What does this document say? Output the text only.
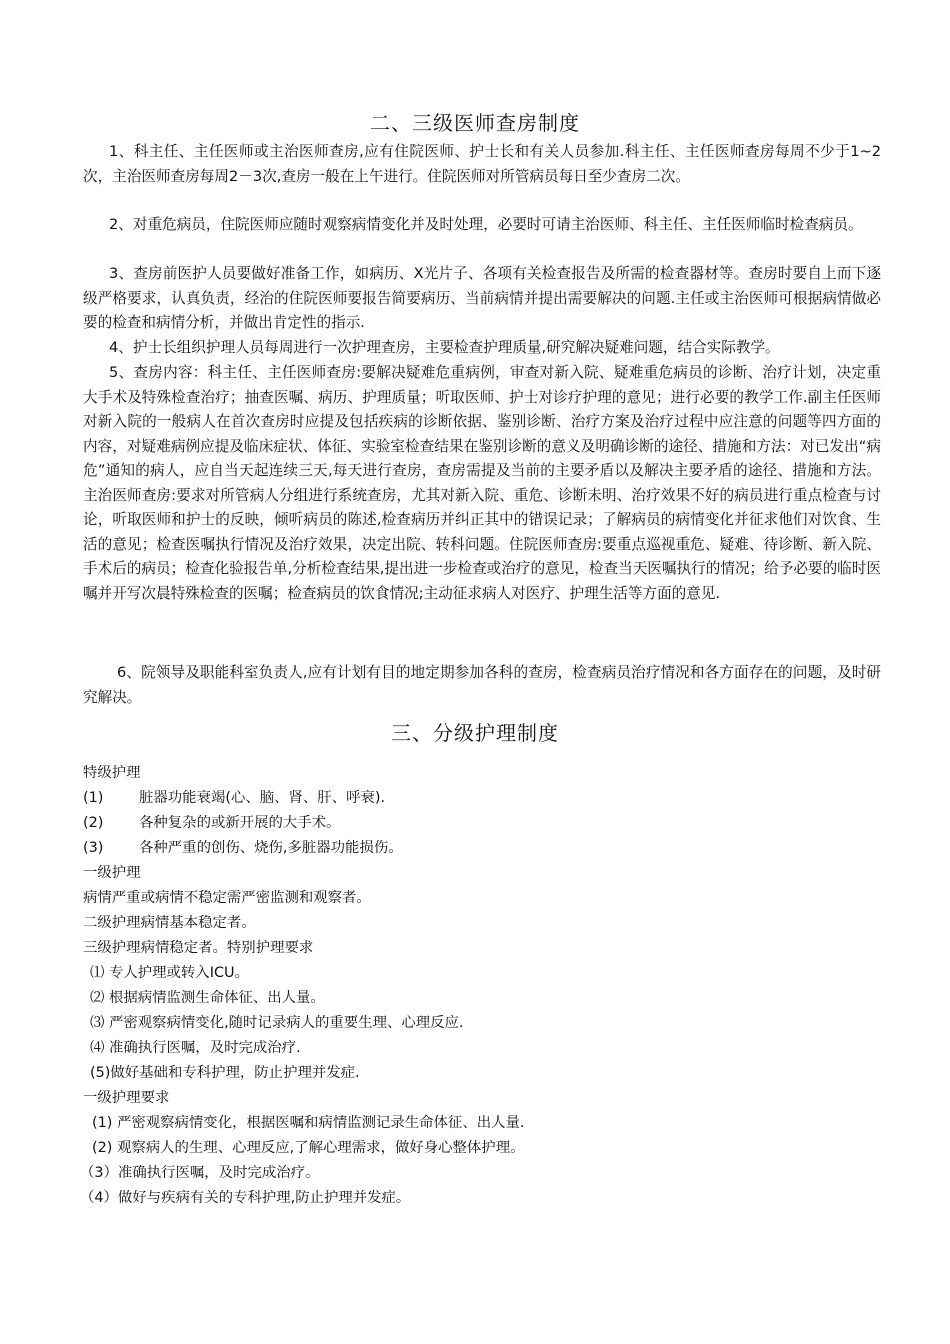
二、三级医师查房制度
1、科主任、主任医师或主治医师查房,应有住院医师、护士长和有关人员参加.科主任、主任医师查房每周不少于1~2次，主治医师查房每周2－3次,查房一般在上午进行。住院医师对所管病员每日至少查房二次。
2、对重危病员，住院医师应随时观察病情变化并及时处理，必要时可请主治医师、科主任、主任医师临时检查病员。
3、查房前医护人员要做好准备工作，如病历、X光片子、各项有关检查报告及所需的检查器材等。查房时要自上而下逐级严格要求，认真负责，经治的住院医师要报告简要病历、当前病情并提出需要解决的问题.主任或主治医师可根据病情做必要的检查和病情分析，并做出肯定性的指示.
4、护士长组织护理人员每周进行一次护理查房，主要检查护理质量,研究解决疑难问题，结合实际教学。
5、查房内容：科主任、主任医师查房:要解决疑难危重病例，审查对新入院、疑难重危病员的诊断、治疗计划，决定重大手术及特殊检查治疗；抽查医嘱、病历、护理质量；听取医师、护士对诊疗护理的意见；进行必要的教学工作.副主任医师对新入院的一般病人在首次查房时应提及包括疾病的诊断依据、鉴别诊断、治疗方案及治疗过程中应注意的问题等四方面的内容，对疑难病例应提及临床症状、体征、实验室检查结果在鉴别诊断的意义及明确诊断的途径、措施和方法：对已发出“病危”通知的病人，应自当天起连续三天,每天进行查房，查房需提及当前的主要矛盾以及解决主要矛盾的途径、措施和方法。主治医师查房:要求对所管病人分组进行系统查房，尤其对新入院、重危、诊断未明、治疗效果不好的病员进行重点检查与讨论，听取医师和护士的反映，倾听病员的陈述,检查病历并纠正其中的错误记录；了解病员的病情变化并征求他们对饮食、生活的意见；检查医嘱执行情况及治疗效果，决定出院、转科问题。住院医师查房:要重点巡视重危、疑难、待诊断、新入院、手术后的病员；检查化验报告单,分析检查结果,提出进一步检查或治疗的意见，检查当天医嘱执行的情况；给予必要的临时医嘱并开写次晨特殊检查的医嘱；检查病员的饮食情况;主动征求病人对医疗、护理生活等方面的意见.
6、院领导及职能科室负责人,应有计划有目的地定期参加各科的查房，检查病员治疗情况和各方面存在的问题，及时研究解决。
三、分级护理制度
特级护理
(1) 脏器功能衰竭(心、脑、肾、肝、呼衰).
(2) 各种复杂的或新开展的大手术。
(3) 各种严重的创伤、烧伤,多脏器功能损伤。
一级护理
病情严重或病情不稳定需严密监测和观察者。
二级护理病情基本稳定者。
三级护理病情稳定者。特别护理要求
⑴ 专人护理或转入ICU。
⑵ 根据病情监测生命体征、出人量。
⑶ 严密观察病情变化,随时记录病人的重要生理、心理反应.
⑷ 准确执行医嘱，及时完成治疗.
(5)做好基础和专科护理，防止护理并发症.
一级护理要求
(1) 严密观察病情变化，根据医嘱和病情监测记录生命体征、出人量.
(2) 观察病人的生理、心理反应,了解心理需求，做好身心整体护理。
（3）准确执行医嘱，及时完成治疗。
（4）做好与疾病有关的专科护理,防止护理并发症。
